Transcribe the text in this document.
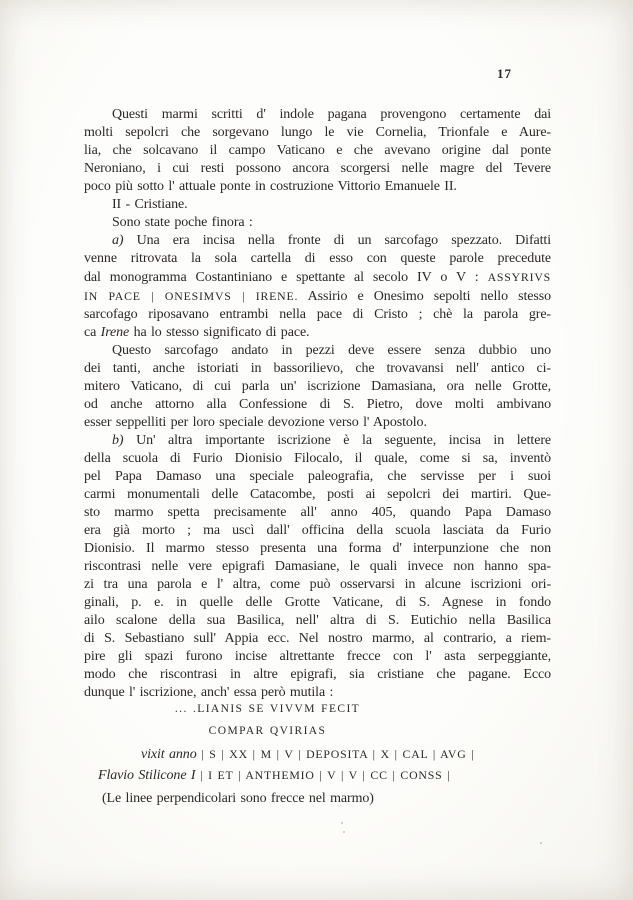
17
Questi marmi scritti d' indole pagana provengono certamente dai
molti sepolcri che sorgevano lungo le vie Cornelia, Trionfale e Aure-
lia, che solcavano il campo Vaticano e che avevano origine dal ponte
Neroniano, i cui resti possono ancora scorgersi nelle magre del Tevere
poco più sotto l' attuale ponte in costruzione Vittorio Emanuele II.
II - Cristiane.
Sono state poche finora :
a) Una era incisa nella fronte di un sarcofago spezzato. Difatti
venne ritrovata la sola cartella di esso con queste parole precedute
dal monogramma Costantiniano e spettante al secolo IV o V : ASSYRIVS
IN PACE | ONESIMVS | IRENE. Assirio e Onesimo sepolti nello stesso
sarcofago riposavano entrambi nella pace di Cristo ; chè la parola gre-
ca Irene ha lo stesso significato di pace.
Questo sarcofago andato in pezzi deve essere senza dubbio uno
dei tanti, anche istoriati in bassorilievo, che trovavansi nell' antico ci-
mitero Vaticano, di cui parla un' iscrizione Damasiana, ora nelle Grotte,
od anche attorno alla Confessione di S. Pietro, dove molti ambivano
esser seppelliti per loro speciale devozione verso l' Apostolo.
b) Un' altra importante iscrizione è la seguente, incisa in lettere
della scuola di Furio Dionisio Filocalo, il quale, come si sa, inventò
pel Papa Damaso una speciale paleografia, che servisse per i suoi
carmi monumentali delle Catacombe, posti ai sepolcri dei martiri. Que-
sto marmo spetta precisamente all' anno 405, quando Papa Damaso
era già morto ; ma uscì dall' officina della scuola lasciata da Furio
Dionisio. Il marmo stesso presenta una forma d' interpunzione che non
riscontrasi nelle vere epigrafi Damasiane, le quali invece non hanno spa-
zi tra una parola e l' altra, come può osservarsi in alcune iscrizioni ori-
ginali, p. e. in quelle delle Grotte Vaticane, di S. Agnese in fondo
ailo scalone della sua Basilica, nell' altra di S. Eutichio nella Basilica
di S. Sebastiano sull' Appia ecc. Nel nostro marmo, al contrario, a riem-
pire gli spazi furono incise altrettante frecce con l' asta serpeggiante,
modo che riscontrasi in altre epigrafi, sia cristiane che pagane. Ecco
dunque l' iscrizione, anch' essa però mutila :
... .LIANIS SE VIVVM FECIT
COMPAR QVIRIAS
vixit anno | S | XX | M | V | DEPOSITA | X | CAL | AVG |
Flavio Stilicone I | I ET | ANTHEMIO | V | V | CC | CONSS |
(Le linee perpendicolari sono frecce nel marmo)
